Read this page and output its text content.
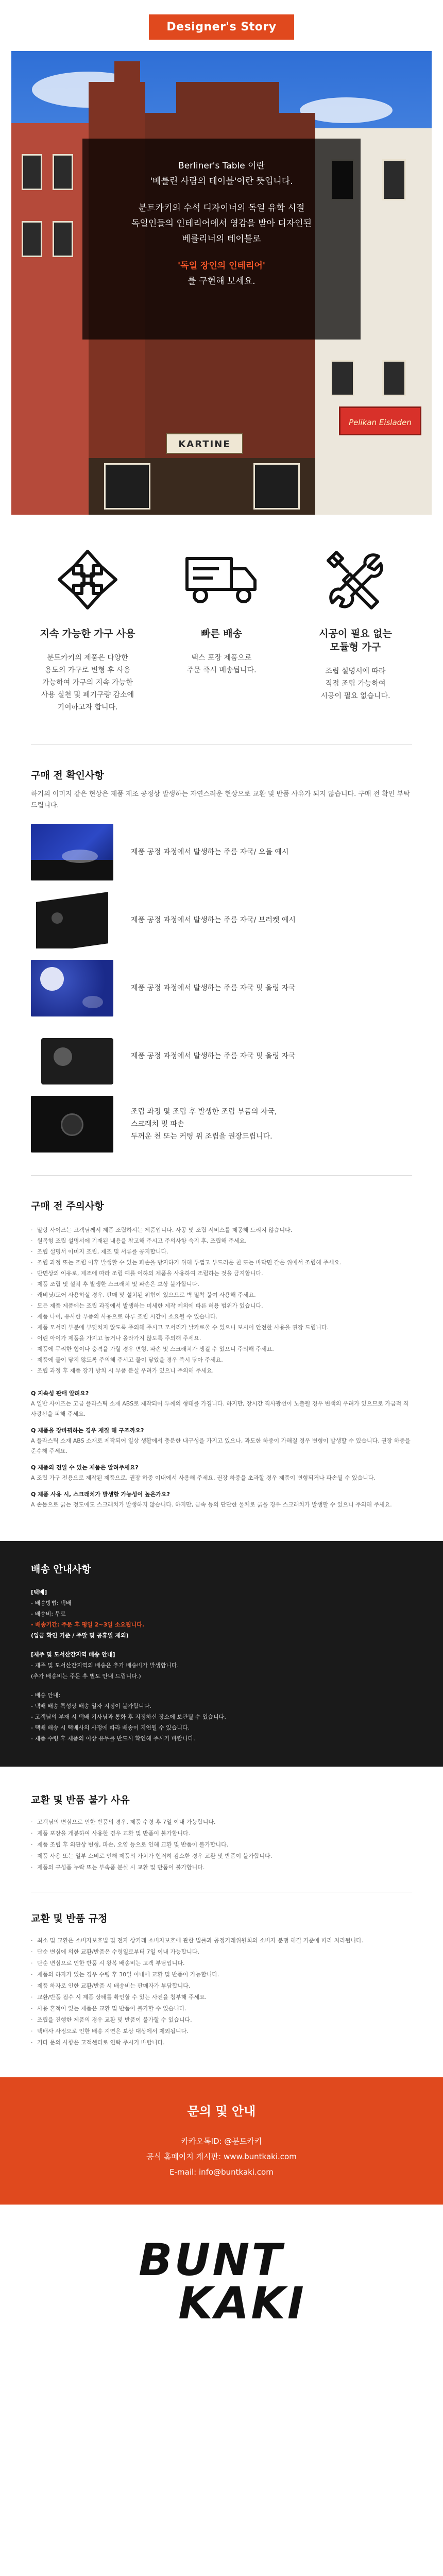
Designer's Story

Berliner's Table 이란

'베를린 사람의 테이블'이란 뜻입니다.

분트카키의 수석 디자이너의 독일 유학 시절

독일인들의 인테리어에서 영감을 받아 디자인된

베를리너의 테이블로

'독일 장인의 인테리어'

를 구현해 보세요.

KARTINE
Pelikan Eisladen
지속 가능한 가구 사용
분트카키의 제품은 다양한
용도의 가구로 변형 후 사용
가능하여 가구의 지속 가능한
사용 실천 및 폐기구량 감소에
기여하고자 합니다.
빠른 배송
택스 포장 제품으로
주문 즉시 배송됩니다.
시공이 필요 없는
모듈형 가구
조립 설명서에 따라
직접 조립 가능하여
시공이 필요 없습니다.
구매 전 확인사항
하기의 이미지 같은 현상은 제품 제조 공정상 발생하는 자연스러운 현상으로 교환 및 반품 사유가 되지 않습니다. 구매 전 확인 부탁드립니다.
제품 공정 과정에서 발생하는 주름 자국/ 오돌 예시
제품 공정 과정에서 발생하는 주름 자국/ 브러켓 예시
제품 공정 과정에서 발생하는 주름 자국 및 올링 자국
제품 공정 과정에서 발생하는 주름 자국 및 올링 자국
조립 과정 및 조립 후 발생한 조립 부품의 자국,
스크래치 및 파손
두꺼운 천 또는 커팅 위 조립을 권장드립니다.
구매 전 주의사항
· 말랑 사이즈는 고객님께서 제품 조립하시는 제품입니다. 사공 및 조립 서비스를 제공해 드리지 않습니다.
· 원목형 조립 설명서에 기재된 내용을 참고해 주시고 주의사항 숙지 후, 조립해 주세요.
· 조립 설명서 이미지 조립, 제조 및 서류를 공지합니다.
· 조립 과정 또는 조립 이후 발생할 수 있는 파손을 방지하기 위해 두껍고 부드러운 천 또는 바닥면 같은 위에서 조립해 주세요.
· 반면상의 이유로, 제조에 따라 조립 예를 이하의 제품을 사용하여 조립하는 것을 금지합니다.
· 제품 조립 및 설치 후 발생한 스크래치 및 파손은 보상 불가합니다.
· 캐비닛/도어 사용하실 경우, 판매 및 설치된 위험이 있으므로 벽 밀착 붙여 사용해 주세요.
· 모든 제품 제품에는 조립 과정에서 발생하는 미세한 제작 예외에 따른 허용 범위가 있습니다.
· 제품 나이, 유사한 부품의 사용으로 하루 조립 시간이 소요될 수 있습니다.
· 제품 모서리 부분에 부딪치지 않도록 주의해 주시고 모서리가 날카로울 수 있으니 보시어 안전한 사용을 권장 드립니다.
· 어린 아이가 제품을 가지고 놀거나 올라가지 않도록 주의해 주세요.
· 제품에 무리한 힘이나 충격을 가할 경우 변형, 파손 및 스크래치가 생길 수 있으니 주의해 주세요.
· 제품에 물이 닿지 않도록 주의해 주시고 물이 닿았을 경우 즉시 닦아 주세요.
· 조립 과정 후 제품 장기 방치 시 부품 분실 우려가 있으니 주의해 주세요.
Q 지속성 판매 알려요?
A 일반 사이즈는 고급 플라스틱 소재 ABS로 제작되어 두께의 형태를 가집니다. 하지만, 장시간 직사광선이 노출될 경우 변색의 우려가 있으므로 가급적 직사광선을 피해 주세요.
Q 제품을 장바꿔하는 경우 재질 해 구조까요?
A 플라스틱 소재 ABS 소재로 제작되어 일상 생활에서 충분한 내구성을 가지고 있으나, 과도한 하중이 가해질 경우 변형이 발생할 수 있습니다. 권장 하중을 준수해 주세요.
Q 제품의 견일 수 있는 제품은 알려주세요?
A 조립 가구 전용으로 제작된 제품으로, 권장 하중 이내에서 사용해 주세요. 권장 하중을 초과할 경우 제품이 변형되거나 파손될 수 있습니다.
Q 제품 사용 시, 스크래치가 발생할 가능성이 높은가요?
A 손톱으로 긁는 정도에도 스크래치가 발생하지 않습니다. 하지만, 금속 등의 단단한 물체로 긁을 경우 스크래치가 발생할 수 있으니 주의해 주세요.
배송 안내사항
[택배]
- 배송방법: 택배
- 배송비: 무료
- 배송기간: 주문 후 평일 2~3일 소요됩니다.
(입금 확인 기준 / 주말 및 공휴일 제외)
[제주 및 도서산간지역 배송 안내]
- 제주 및 도서산간지역의 배송은 추가 배송비가 발생합니다.
(추가 배송비는 주문 후 별도 안내 드립니다.)
- 배송 안내:
- 택배 배송 특성상 배송 일자 지정이 불가합니다.
- 고객님의 부재 시 택배 기사님과 통화 후 지정하신 장소에 보관될 수 있습니다.
- 택배 배송 시 택배사의 사정에 따라 배송이 지연될 수 있습니다.
- 제품 수령 후 제품의 이상 유무를 반드시 확인해 주시기 바랍니다.
교환 및 반품 불가 사유
· 고객님의 변심으로 인한 반품의 경우, 제품 수령 후 7일 이내 가능합니다.
· 제품 포장을 개봉하여 사용한 경우 교환 및 반품이 불가합니다.
· 제품 조립 후 외관상 변형, 파손, 오염 등으로 인해 교환 및 반품이 불가합니다.
· 제품 사용 또는 일부 소비로 인해 제품의 가치가 현저히 감소한 경우 교환 및 반품이 불가합니다.
· 제품의 구성품 누락 또는 부속품 분실 시 교환 및 반품이 불가합니다.
교환 및 반품 규정
· 최소 및 교환은 소비자보호법 및 전자 상거래 소비자보호에 관한 법률과 공정거래위원회의 소비자 분쟁 해결 기준에 따라 처리됩니다.
· 단순 변심에 의한 교환/반품은 수령일로부터 7일 이내 가능합니다.
· 단순 변심으로 인한 반품 시 왕복 배송비는 고객 부담입니다.
· 제품의 하자가 있는 경우 수령 후 30일 이내에 교환 및 반품이 가능합니다.
· 제품 하자로 인한 교환/반품 시 배송비는 판매자가 부담합니다.
· 교환/반품 접수 시 제품 상태를 확인할 수 있는 사진을 첨부해 주세요.
· 사용 흔적이 있는 제품은 교환 및 반품이 불가할 수 있습니다.
· 조립을 진행한 제품의 경우 교환 및 반품이 불가할 수 있습니다.
· 택배사 사정으로 인한 배송 지연은 보상 대상에서 제외됩니다.
· 기타 문의 사항은 고객센터로 연락 주시기 바랍니다.
문의 및 안내
카카오톡ID: @분트카키
공식 홈페이지 게시판: www.buntkaki.com
E-mail: info@buntkaki.com
BUNT
KAKI
